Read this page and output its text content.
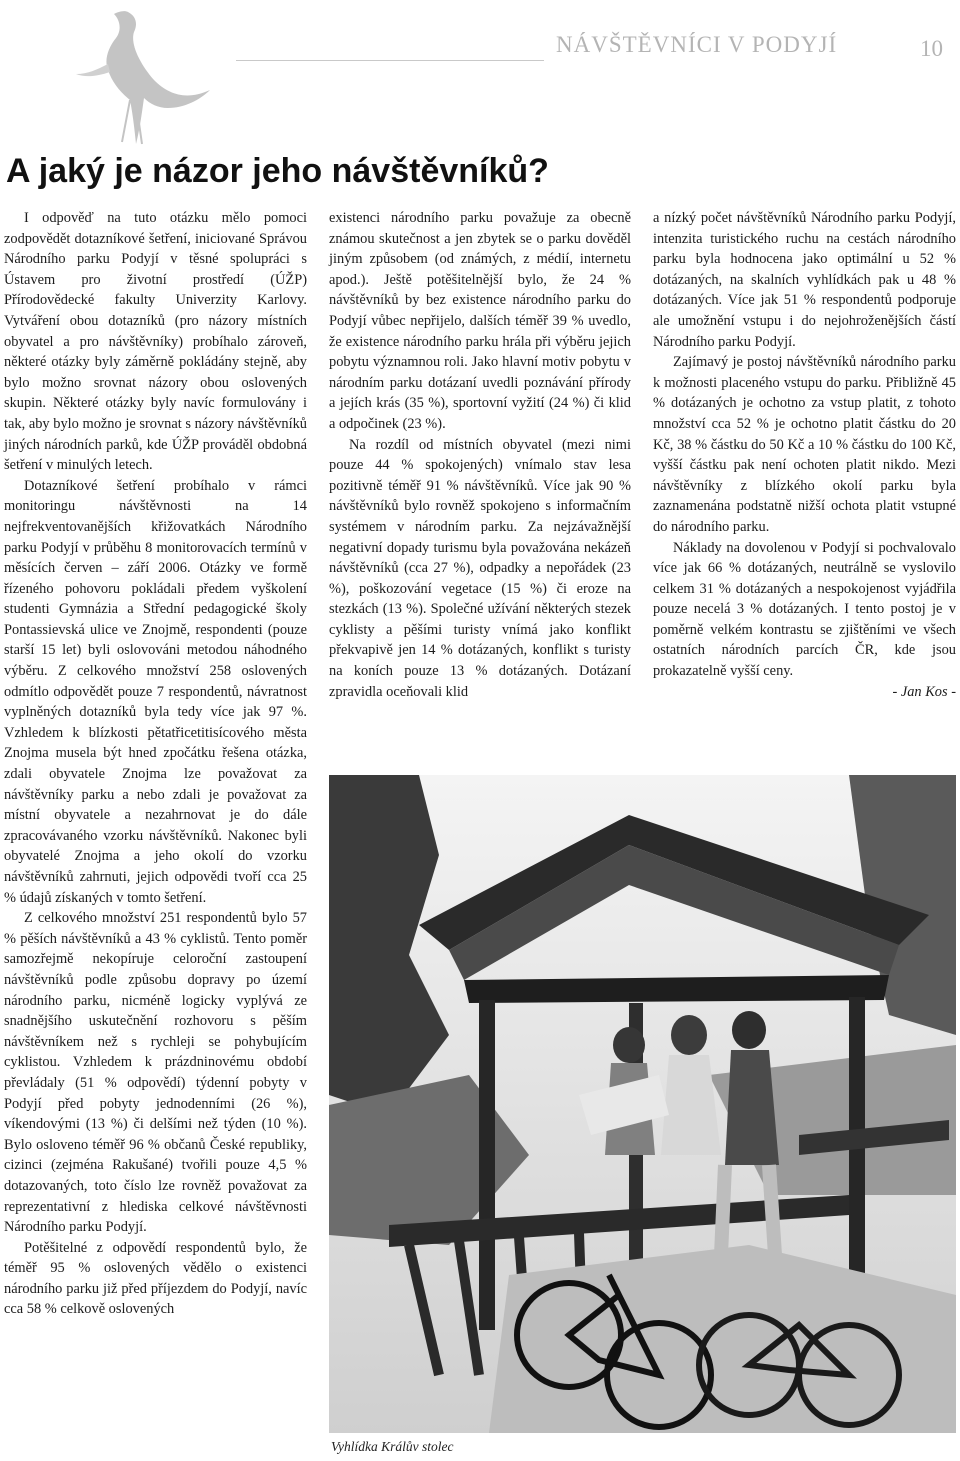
NÁVŠTĚVNÍCI V PODYJÍ	10
A jaký je názor jeho návštěvníků?

I odpověď na tuto otázku mělo pomoci zodpovědět dotazníkové šetření, iniciované Správou Národního parku Podyjí v těsné spolupráci s Ústavem pro životní prostředí (ÚŽP) Přírodovědecké fakulty Univerzity Karlovy. Vytváření obou dotazníků (pro názory místních obyvatel a pro návštěvníky) probíhalo zároveň, některé otázky byly záměrně pokládány stejně, aby bylo možno srovnat názory obou oslovených skupin. Některé otázky byly navíc formulovány i tak, aby bylo možno je srovnat s názory návštěvníků jiných národních parků, kde ÚŽP prováděl obdobná šetření v minulých letech.

Dotazníkové šetření probíhalo v rámci monitoringu návštěvnosti na 14 nejfrekventovanějších křižovatkách Národního parku Podyjí v průběhu 8 monitorovacích termínů v měsících červen – září 2006. Otázky ve formě řízeného pohovoru pokládali předem vyškolení studenti Gymnázia a Střední pedagogické školy Pontassievská ulice ve Znojmě, respondenti (pouze starší 15 let) byli oslovováni metodou náhodného výběru. Z celkového množství 258 oslovených odmítlo odpovědět pouze 7 respondentů, návratnost vyplněných dotazníků byla tedy více jak 97 %. Vzhledem k blízkosti pětatřicetitisícového města Znojma musela být hned zpočátku řešena otázka, zdali obyvatele Znojma lze považovat za návštěvníky parku a nebo zdali je považovat za místní obyvatele a nezahrnovat je do dále zpracovávaného vzorku návštěvníků. Nakonec byli obyvatelé Znojma a jeho okolí do vzorku návštěvníků zahrnuti, jejich odpovědi tvoří cca 25 % údajů získaných v tomto šetření.

Z celkového množství 251 respondentů bylo 57 % pěších návštěvníků a 43 % cyklistů. Tento poměr samozřejmě nekopíruje celoroční zastoupení návštěvníků podle způsobu dopravy po území národního parku, nicméně logicky vyplývá ze snadnějšího uskutečnění rozhovoru s pěším návštěvníkem než s rychleji se pohybujícím cyklistou. Vzhledem k prázdninovému období převládaly (51 % odpovědí) týdenní pobyty v Podyjí před pobyty jednodenními (26 %), víkendovými (13 %) či delšími než týden (10 %). Bylo osloveno téměř 96 % občanů České republiky, cizinci (zejména Rakušané) tvořili pouze 4,5 % dotazovaných, toto číslo lze rovněž považovat za reprezentativní z hlediska celkové návštěvnosti Národního parku Podyjí.

Potěšitelné z odpovědí respondentů bylo, že téměř 95 % oslovených vědělo o existenci národního parku již před příjezdem do Podyjí, navíc cca 58 % celkově oslovených

existenci národního parku považuje za obecně známou skutečnost a jen zbytek se o parku dověděl jiným způsobem (od známých, z médií, internetu apod.). Ještě potěšitelnější bylo, že 24 % návštěvníků by bez existence národního parku do Podyjí vůbec nepřijelo, dalších téměř 39 % uvedlo, že existence národního parku hrála při výběru jejich pobytu významnou roli. Jako hlavní motiv pobytu v národním parku dotázaní uvedli poznávání přírody a jejích krás (35 %), sportovní vyžití (24 %) či klid a odpočinek (23 %).

Na rozdíl od místních obyvatel (mezi nimi pouze 44 % spokojených) vnímalo stav lesa pozitivně téměř 91 % návštěvníků. Více jak 90 % návštěvníků bylo rovněž spokojeno s informačním systémem v národním parku. Za nejzávažnější negativní dopady turismu byla považována nekázeň návštěvníků (cca 27 %), odpadky a nepořádek (23 %), poškozování vegetace (15 %) či eroze na stezkách (13 %). Společné užívání některých stezek cyklisty a pěšími turisty vnímá jako konflikt překvapivě jen 14 % dotázaných, konflikt s turisty na koních pouze 13 % dotázaných. Dotázaní zpravidla oceňovali klid

a nízký počet návštěvníků Národního parku Podyjí, intenzita turistického ruchu na cestách národního parku byla hodnocena jako optimální u 52 % dotázaných, na skalních vyhlídkách pak u 48 % dotázaných. Více jak 51 % respondentů podporuje ale umožnění vstupu i do nejohroženějších částí Národního parku Podyjí.

Zajímavý je postoj návštěvníků národního parku k možnosti placeného vstupu do parku. Přibližně 45 % dotázaných je ochotno za vstup platit, z tohoto množství cca 52 % je ochotno platit částku do 20 Kč, 38 % částku do 50 Kč a 10 % částku do 100 Kč, vyšší částku pak není ochoten platit nikdo. Mezi návštěvníky z blízkého okolí parku byla zaznamenána podstatně nižší ochota platit vstupné do národního parku.

Náklady na dovolenou v Podyjí si pochvalovalo více jak 66 % dotázaných, neutrálně se vyslovilo celkem 31 % dotázaných a nespokojenost vyjádřila pouze necelá 3 % dotázaných. I tento postoj je v poměrně velkém kontrastu se zjištěními ve všech ostatních národních parcích ČR, kde jsou prokazatelně vyšší ceny.

- Jan Kos -

Vyhlídka Králův stolec
